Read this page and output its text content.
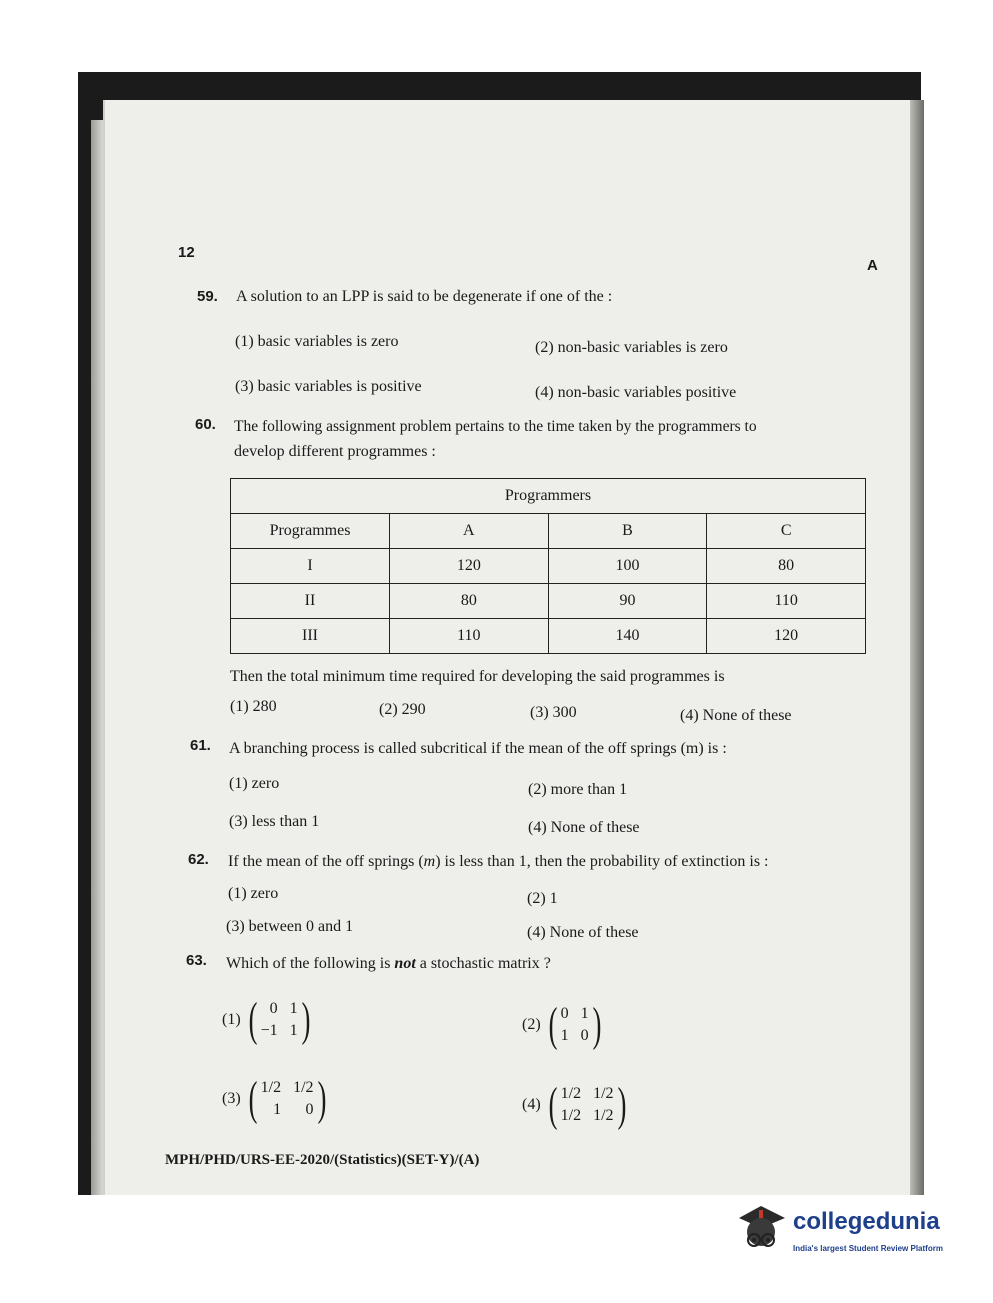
12
A
59. A solution to an LPP is said to be degenerate if one of the :
(1) basic variables is zero	(2) non-basic variables is zero
(3) basic variables is positive	(4) non-basic variables positive
60. The following assignment problem pertains to the time taken by the programmers to
develop different programmes :
Programmers			
Programmes	A	B	C
I	120	100	80
II	80	90	110
III	110	140	120
Then the total minimum time required for developing the said programmes is
(1) 280	(2) 290	(3) 300	(4) None of these
61. A branching process is called subcritical if the mean of the off springs (m) is :
(1) zero	(2) more than 1
(3) less than 1	(4) None of these
62. If the mean of the off springs (m) is less than 1, then the probability of extinction is :
(1) zero	(2) 1
(3) between 0 and 1	(4) None of these
63. Which of the following is not a stochastic matrix ?
(1) ( 0 1
−1 1 )	(2) ( 0 1
1 0 )
(3) ( 1/2 1/2
1	0 )	(4) ( 1/2 1/2
1/2 1/2 )
MPH/PHD/URS-EE-2020/(Statistics)(SET-Y)/(A)
collegedunia
India's largest Student Review Platform
